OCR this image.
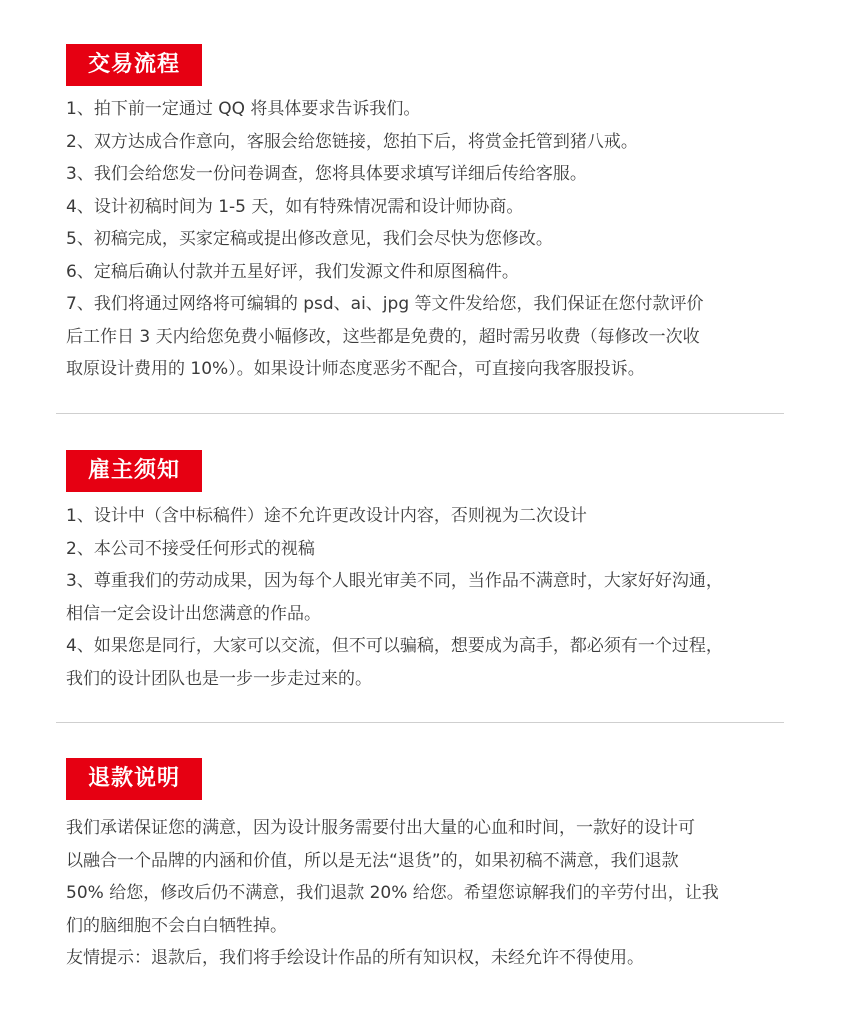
交易流程
1、拍下前一定通过 QQ 将具体要求告诉我们。
2、双方达成合作意向，客服会给您链接，您拍下后，将赏金托管到猪八戒。
3、我们会给您发一份问卷调查，您将具体要求填写详细后传给客服。
4、设计初稿时间为 1-5 天，如有特殊情况需和设计师协商。
5、初稿完成，买家定稿或提出修改意见，我们会尽快为您修改。
6、定稿后确认付款并五星好评，我们发源文件和原图稿件。
7、我们将通过网络将可编辑的 psd、ai、jpg 等文件发给您，我们保证在您付款评价
后工作日 3 天内给您免费小幅修改，这些都是免费的，超时需另收费（每修改一次收
取原设计费用的 10%）。如果设计师态度恶劣不配合，可直接向我客服投诉。
雇主须知
1、设计中（含中标稿件）途不允许更改设计内容，否则视为二次设计
2、本公司不接受任何形式的视稿
3、尊重我们的劳动成果，因为每个人眼光审美不同，当作品不满意时，大家好好沟通，
相信一定会设计出您满意的作品。
4、如果您是同行，大家可以交流，但不可以骗稿，想要成为高手，都必须有一个过程，
我们的设计团队也是一步一步走过来的。
退款说明
我们承诺保证您的满意，因为设计服务需要付出大量的心血和时间，一款好的设计可
以融合一个品牌的内涵和价值，所以是无法“退货”的，如果初稿不满意，我们退款
50% 给您，修改后仍不满意，我们退款 20% 给您。希望您谅解我们的辛劳付出，让我
们的脑细胞不会白白牺牲掉。
友情提示：退款后，我们将手绘设计作品的所有知识权，未经允许不得使用。
